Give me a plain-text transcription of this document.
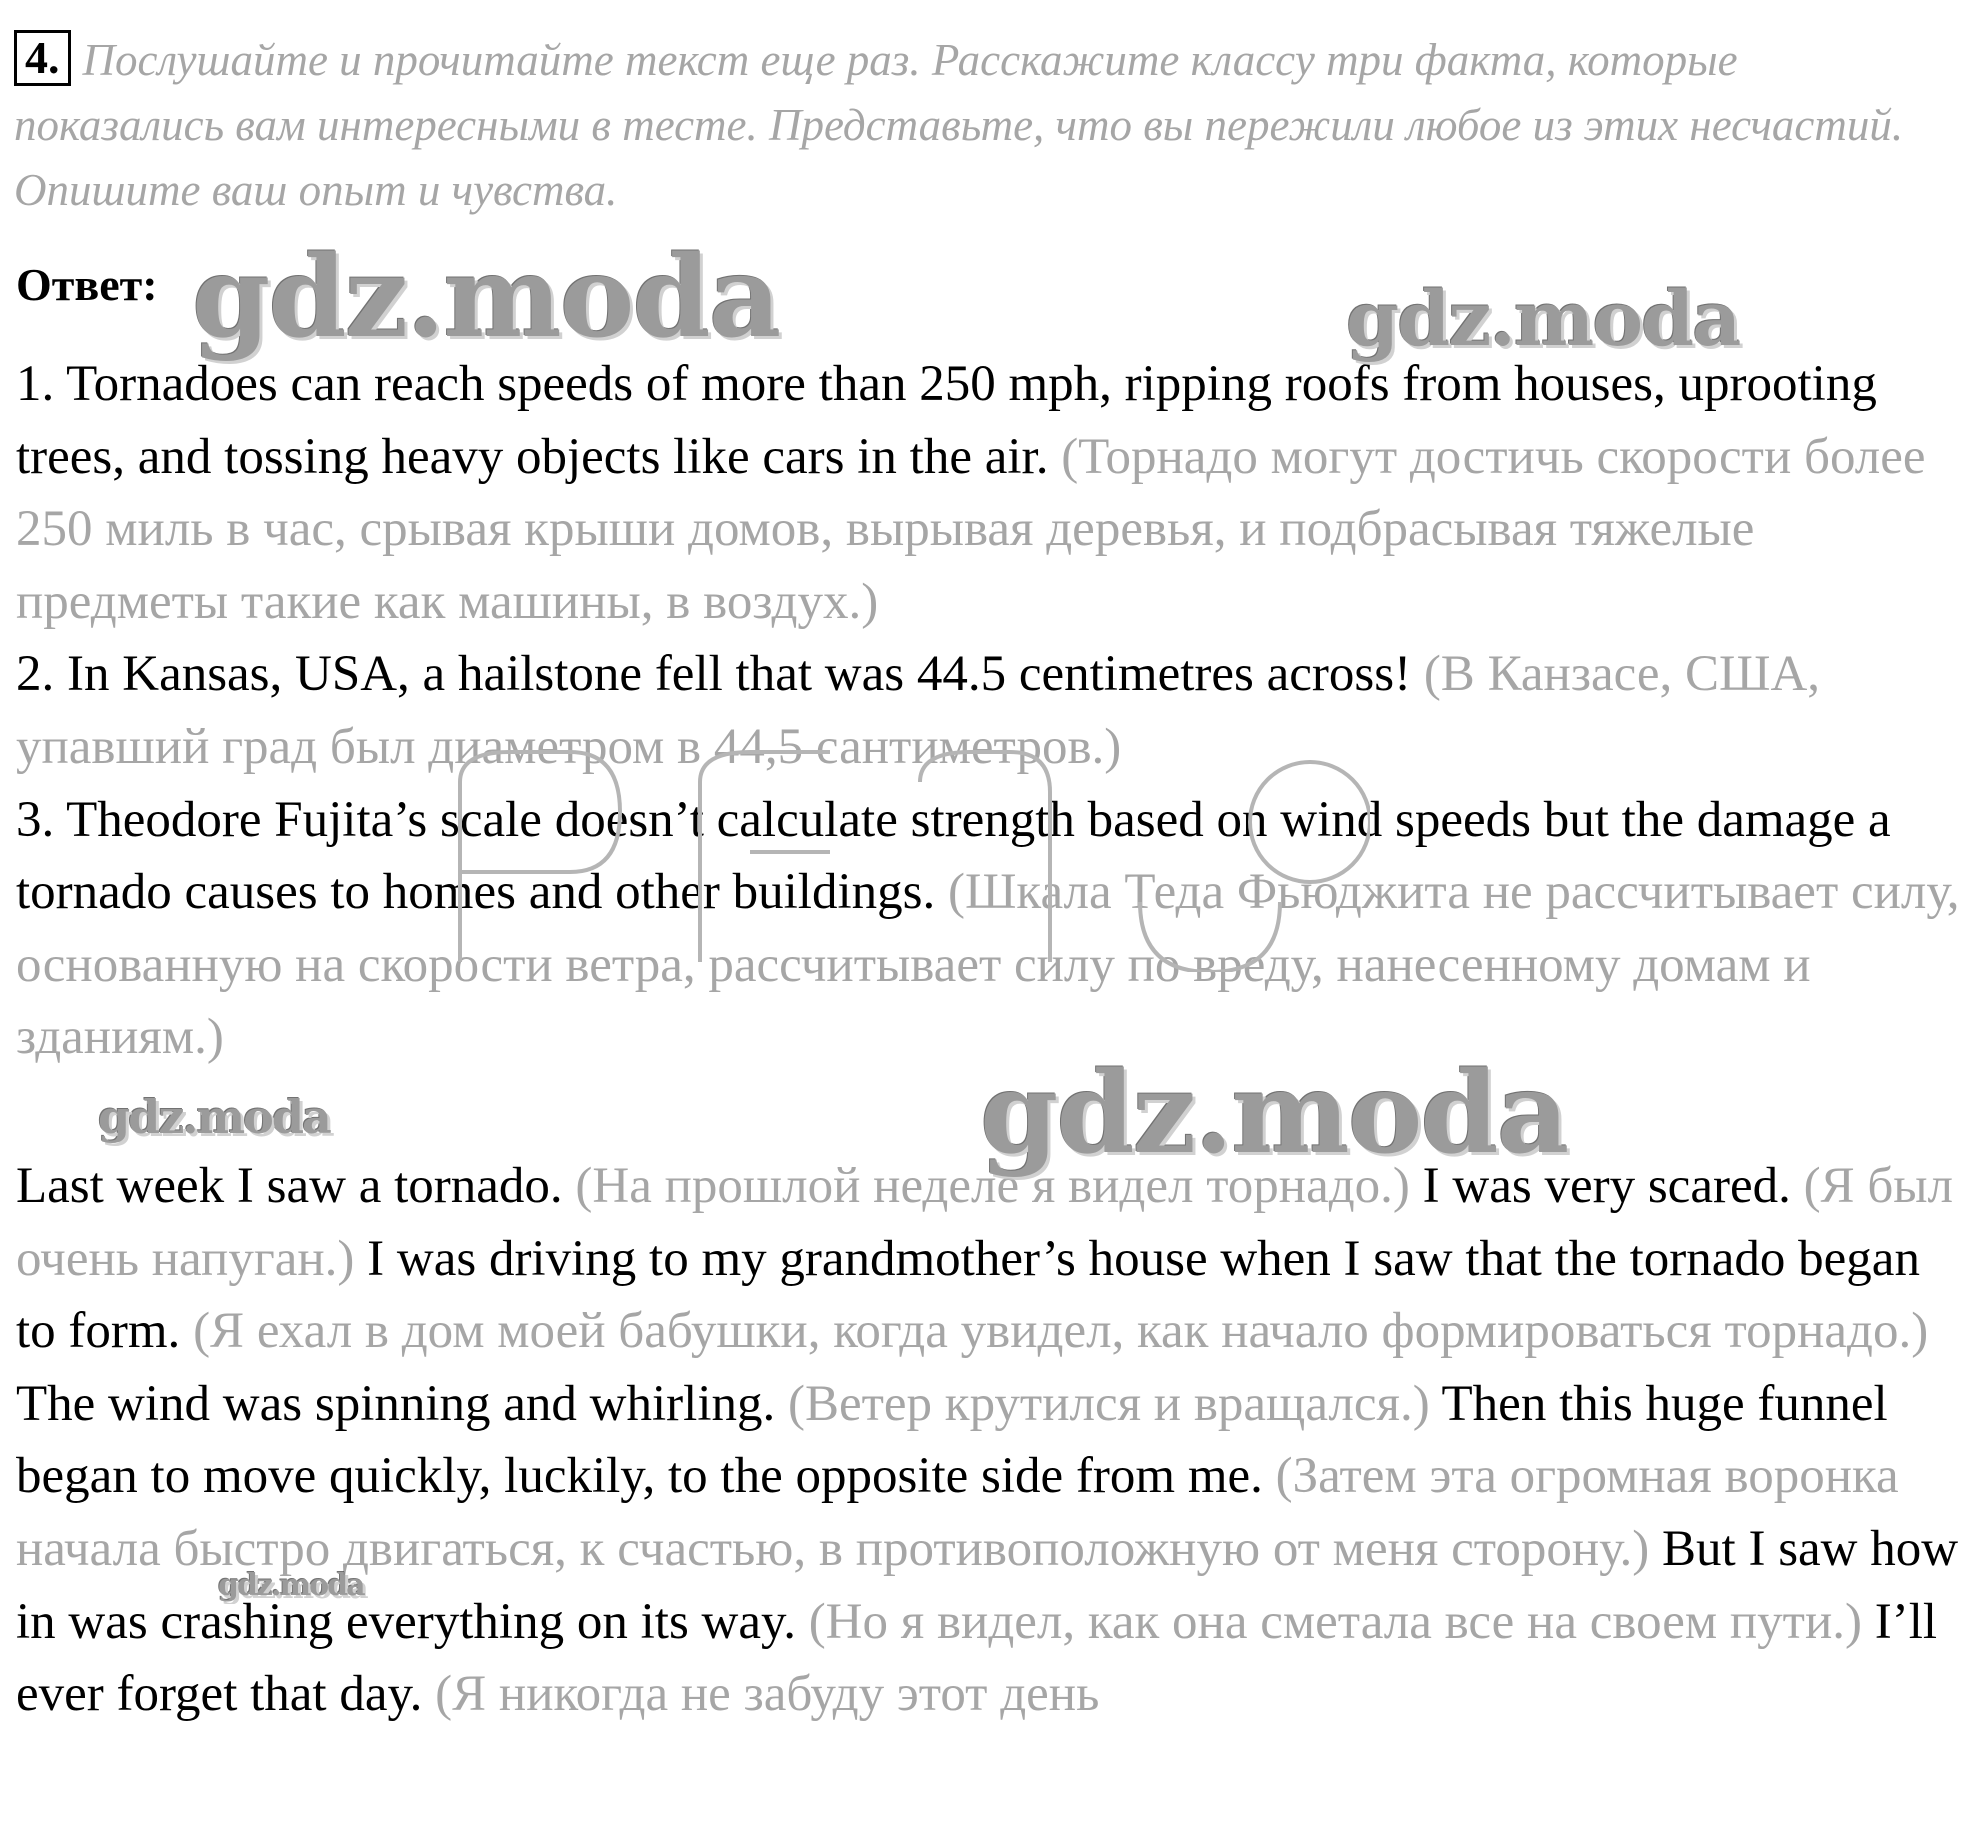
4. Послушайте и прочитайте текст еще раз. Расскажите классу три факта, которые показались вам интересными в тесте. Представьте, что вы пережили любое из этих несчастий. Опишите ваш опыт и чувства.
Ответ:

1. Tornadoes can reach speeds of more than 250 mph, ripping roofs from houses, uprooting trees, and tossing heavy objects like cars in the air. (Торнадо могут достичь скорости более 250 миль в час, срывая крыши домов, вырывая деревья, и подбрасывая тяжелые предметы такие как машины, в воздух.)

2. In Kansas, USA, a hailstone fell that was 44.5 centimetres across! (В Канзасе, США, упавший град был диаметром в 44,5 сантиметров.)

3. Theodore Fujita’s scale doesn’t calculate strength based on wind speeds but the damage a tornado causes to homes and other buildings. (Шкала Теда Фьюджита не рассчитывает силу, основанную на скорости ветра, рассчитывает силу по вреду, нанесенному домам и зданиям.)

Last week I saw a tornado. (На прошлой неделе я видел торнадо.) I was very scared. (Я был очень напуган.) I was driving to my grandmother’s house when I saw that the tornado began to form. (Я ехал в дом моей бабушки, когда увидел, как начало формироваться торнадо.) The wind was spinning and whirling. (Ветер крутился и вращался.) Then this huge funnel began to move quickly, luckily, to the opposite side from me. (Затем эта огромная воронка начала быстро двигаться, к счастью, в противоположную от меня сторону.) But I saw how in was crashing everything on its way. (Но я видел, как она сметала все на своем пути.) I’ll ever forget that day. (Я никогда не забуду этот день

gdz.moda	gdz.moda
gdz.moda	gdz.moda
gdz.moda
